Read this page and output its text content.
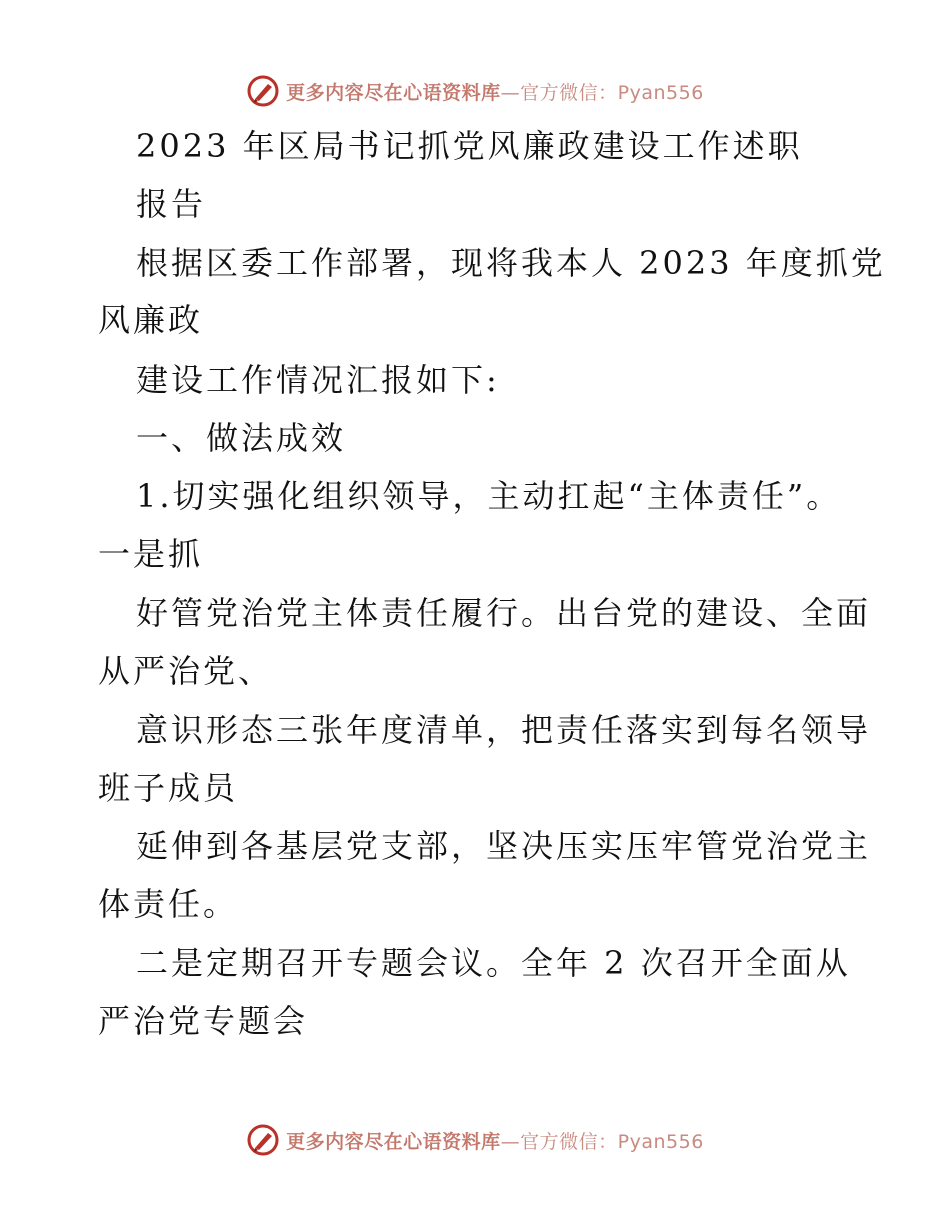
更多内容尽在心语资料库—官方微信：Pyan556
2023 年区局书记抓党风廉政建设工作述职
报告
根据区委工作部署，现将我本人 2023 年度抓党
风廉政
建设工作情况汇报如下:
一、做法成效
1.切实强化组织领导，主动扛起“主体责任”。
一是抓
好管党治党主体责任履行。出台党的建设、全面
从严治党、
意识形态三张年度清单，把责任落实到每名领导
班子成员
延伸到各基层党支部，坚决压实压牢管党治党主
体责任。
二是定期召开专题会议。全年 2 次召开全面从
严治党专题会
更多内容尽在心语资料库—官方微信：Pyan556
